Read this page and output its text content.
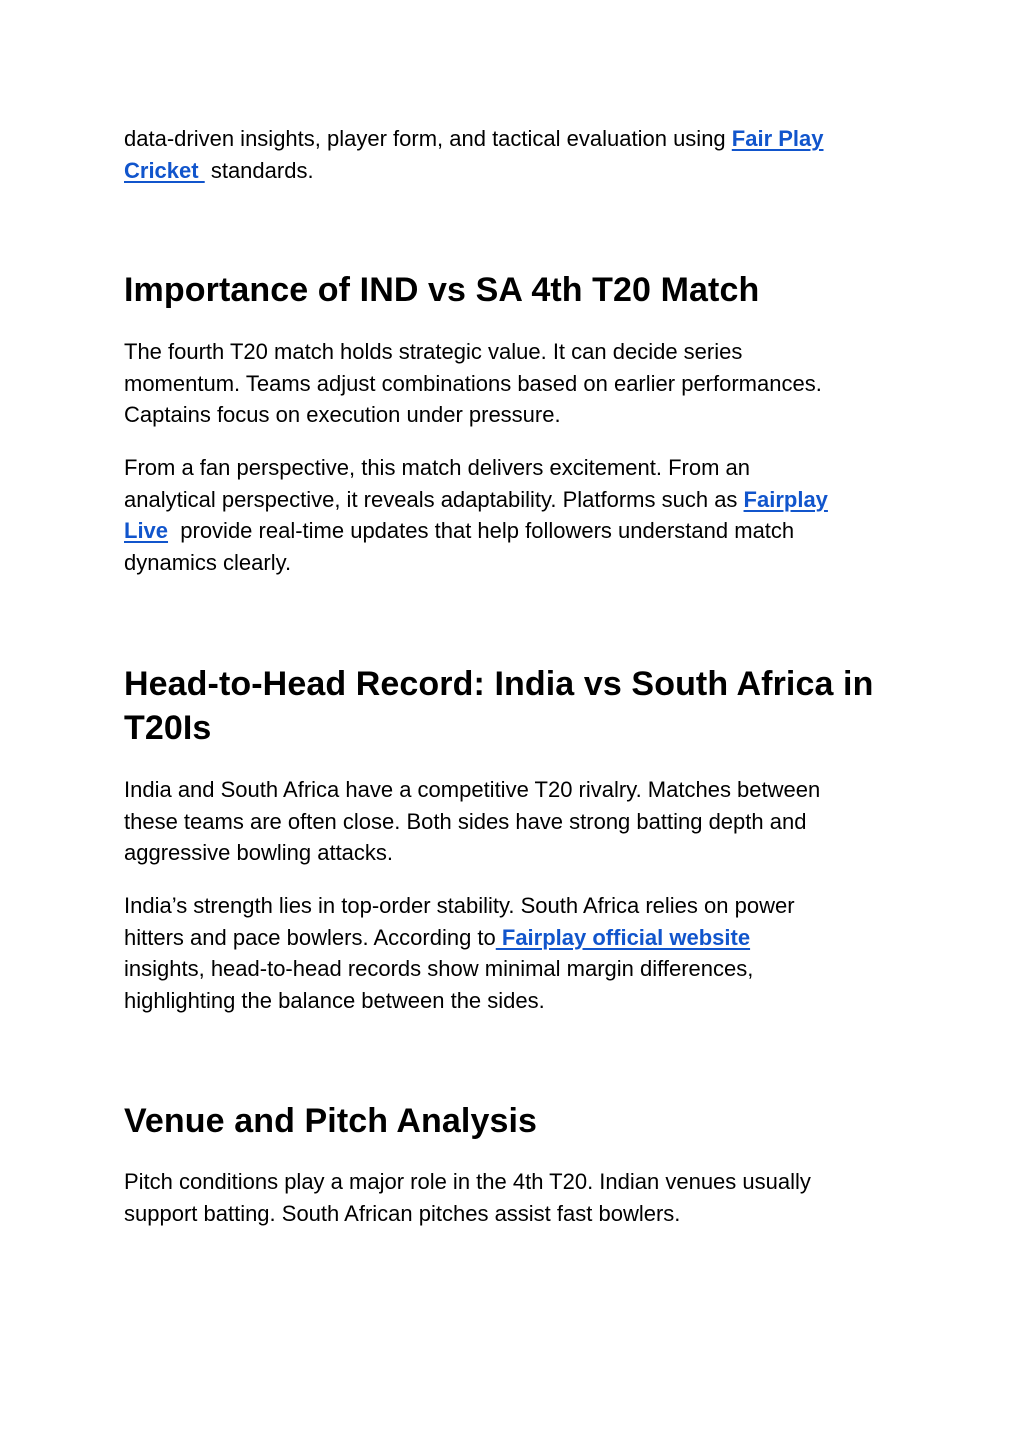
data-driven insights, player form, and tactical evaluation using Fair Play
Cricket  standards.

Importance of IND vs SA 4th T20 Match

The fourth T20 match holds strategic value. It can decide series
momentum. Teams adjust combinations based on earlier performances.
Captains focus on execution under pressure.

From a fan perspective, this match delivers excitement. From an
analytical perspective, it reveals adaptability. Platforms such as Fairplay
Live  provide real-time updates that help followers understand match
dynamics clearly.

Head-to-Head Record: India vs South Africa in
T20Is

India and South Africa have a competitive T20 rivalry. Matches between
these teams are often close. Both sides have strong batting depth and
aggressive bowling attacks.

India’s strength lies in top-order stability. South Africa relies on power
hitters and pace bowlers. According to Fairplay official website
insights, head-to-head records show minimal margin differences,
highlighting the balance between the sides.

Venue and Pitch Analysis

Pitch conditions play a major role in the 4th T20. Indian venues usually
support batting. South African pitches assist fast bowlers.
